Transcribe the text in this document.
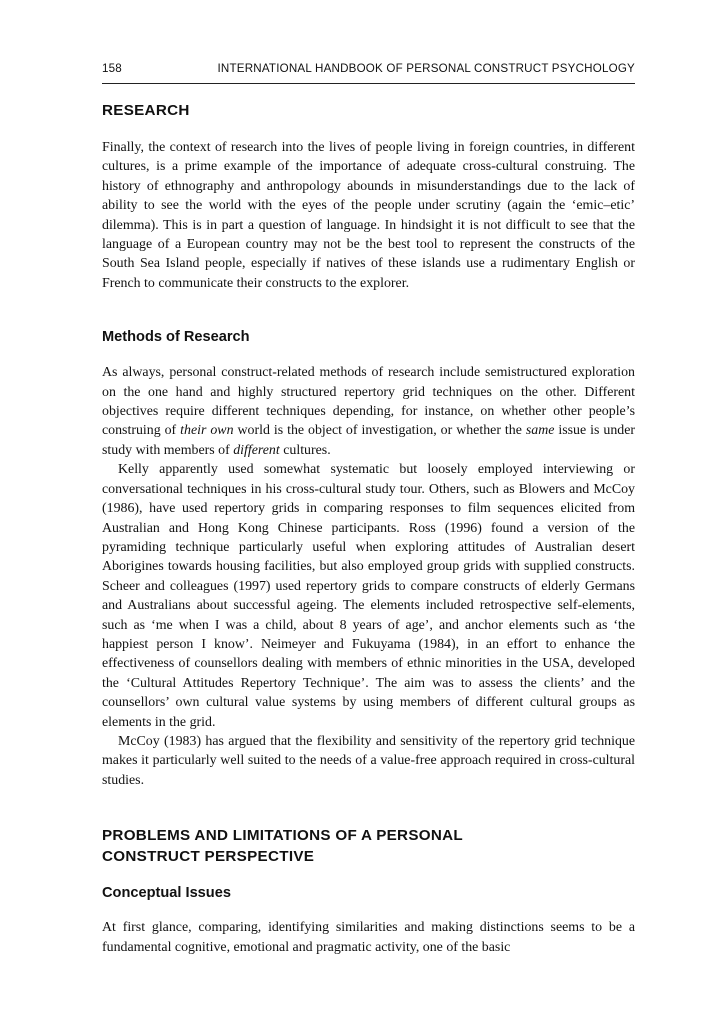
158	INTERNATIONAL HANDBOOK OF PERSONAL CONSTRUCT PSYCHOLOGY
RESEARCH

Finally, the context of research into the lives of people living in foreign countries, in different cultures, is a prime example of the importance of adequate cross-cultural construing. The history of ethnography and anthropology abounds in misunderstandings due to the lack of ability to see the world with the eyes of the people under scrutiny (again the ‘emic–etic’ dilemma). This is in part a question of language. In hindsight it is not difficult to see that the language of a European country may not be the best tool to represent the constructs of the South Sea Island people, especially if natives of these islands use a rudimentary English or French to communicate their constructs to the explorer.

Methods of Research

As always, personal construct-related methods of research include semistructured exploration on the one hand and highly structured repertory grid techniques on the other. Different objectives require different techniques depending, for instance, on whether other people’s construing of their own world is the object of investigation, or whether the same issue is under study with members of different cultures.

Kelly apparently used somewhat systematic but loosely employed interviewing or conversational techniques in his cross-cultural study tour. Others, such as Blowers and McCoy (1986), have used repertory grids in comparing responses to film sequences elicited from Australian and Hong Kong Chinese participants. Ross (1996) found a version of the pyramiding technique particularly useful when exploring attitudes of Australian desert Aborigines towards housing facilities, but also employed group grids with supplied constructs. Scheer and colleagues (1997) used repertory grids to compare constructs of elderly Germans and Australians about successful ageing. The elements included retrospective self-elements, such as ‘me when I was a child, about 8 years of age’, and anchor elements such as ‘the happiest person I know’. Neimeyer and Fukuyama (1984), in an effort to enhance the effectiveness of counsellors dealing with members of ethnic minorities in the USA, developed the ‘Cultural Attitudes Repertory Technique’. The aim was to assess the clients’ and the counsellors’ own cultural value systems by using members of different cultural groups as elements in the grid.

McCoy (1983) has argued that the flexibility and sensitivity of the repertory grid technique makes it particularly well suited to the needs of a value-free approach required in cross-cultural studies.

PROBLEMS AND LIMITATIONS OF A PERSONAL
CONSTRUCT PERSPECTIVE
Conceptual Issues

At first glance, comparing, identifying similarities and making distinctions seems to be a fundamental cognitive, emotional and pragmatic activity, one of the basic
